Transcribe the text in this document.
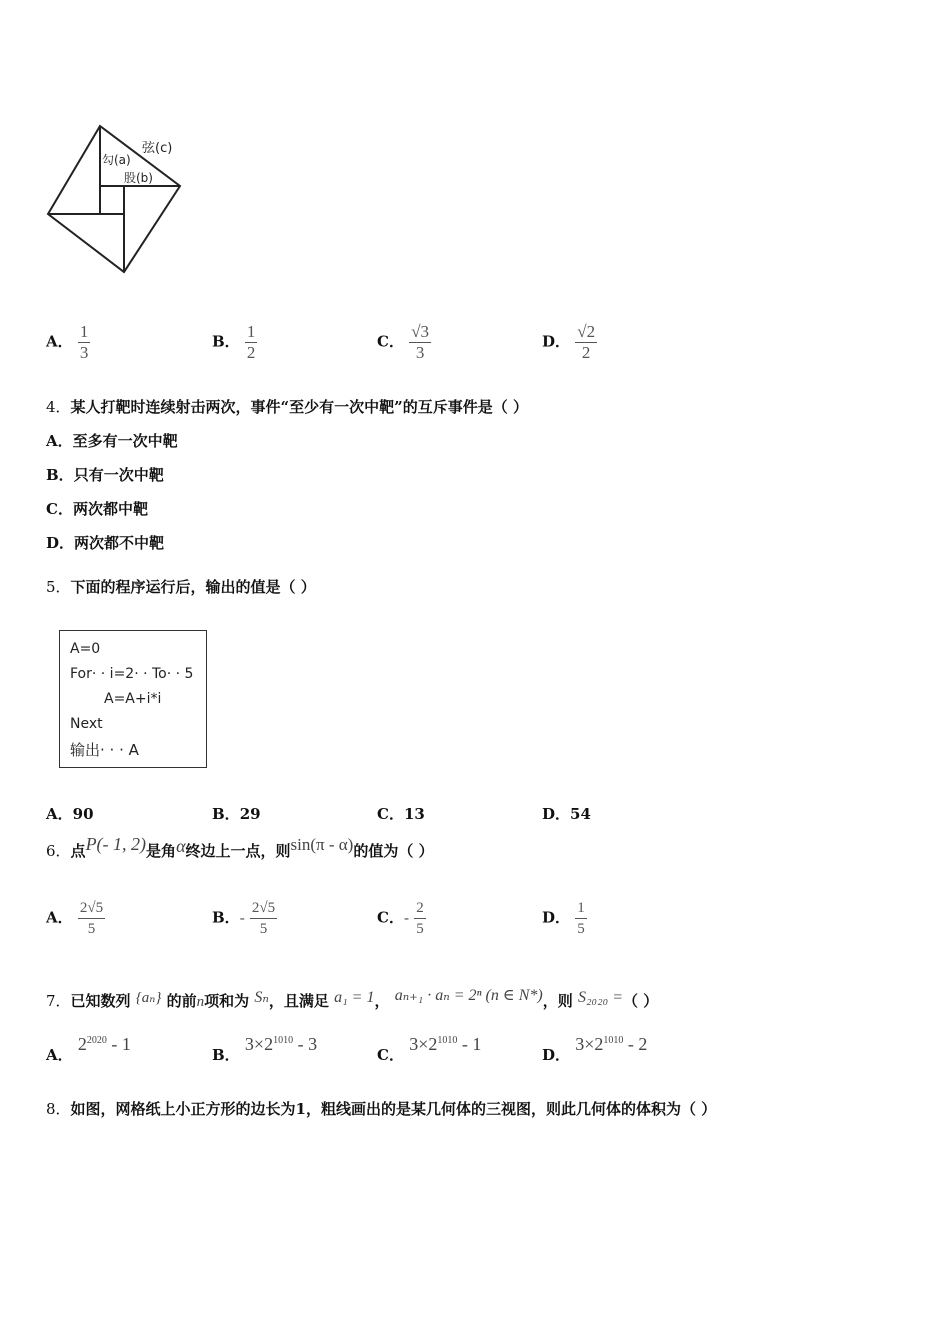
弦(c)
勾(a)
股(b)
A． $\frac{1}{3}$	B． $\frac{1}{2}$	C． $\frac{√3}{3}$	D． $\frac{√2}{2}$
4．某人打靶时连续射击两次，事件“至少有一次中靶”的互斥事件是（ ）
A．至多有一次中靶
B．只有一次中靶
C．两次都中靶
D．两次都不中靶
5．下面的程序运行后，输出的值是（ ）
A=0
For· · i=2· · To· · 5
A=A+i*i
Next
输出· · · A
A．90	B．29	C．13	D．54
6．点P(- 1, 2)是角α终边上一点，则sin(π - α)的值为（ ）
A． $\frac{2√5}{5}$	B．- $\frac{2√5}{5}$	C．- $\frac{2}{5}$	D． $\frac{1}{5}$
7．已知数列 {aₙ} 的前n项和为 Sₙ，且满足 a₁ = 1， aₙ₊₁ · aₙ = 2ⁿ (n ∈ N*)，则 S₂₀₂₀ =（ ）
A． $2^{2020} - 1$
B． $3\times 2^{1010} - 3$
C． $3\times 2^{1010} - 1$
D． $3\times 2^{1010} - 2$
8．如图，网格纸上小正方形的边长为1，粗线画出的是某几何体的三视图，则此几何体的体积为（ ）
